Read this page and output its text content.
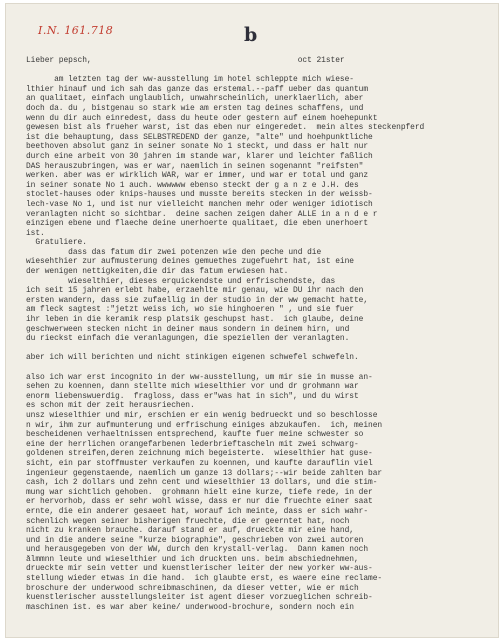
I.N. 161.718	b
Lieber pepsch,                                            oct 21ster

am letzten tag der ww-ausstellung im hotel schleppte mich wiese-
lthier hinauf und ich sah das ganze das erstemal.--paff ueber das quantum
an qualitaet, einfach unglaublich, unwahrscheinlich, unerklaerlich, aber
doch da. du , bistgenau so stark wie am ersten tag deines schaffens, und
wenn du dir auch einredest, dass du heute oder gestern auf einem hoehepunkt
gewesen bist als frueher warst, ist das eben nur eingeredet.  mein altes steckenpferd
ist die behauptung, dass SELBSTREDEND der ganze, "alte" und hoehpunktliche
beethoven absolut ganz in seiner sonate No 1 steckt, und dass er halt nur
durch eine arbeit von 30 jahren im stande war, klarer und leichter faßlich
DAS herauszubringen, was er war, naemlich in seinen sogenannt "reifsten"
werken. aber was er wirklich WAR, war er immer, und war er total und ganz
in seiner sonate No 1 auch. wwwwww ebenso steckt der g a n z e J.H. des
stoclet-hauses oder knips-hauses und musste bereits stecken in der weissb-
lech-vase No 1, und ist nur vielleicht manchen mehr oder weniger idiotisch
veranlagten nicht so sichtbar.  deine sachen zeigen daher ALLE in a n d e r
einzigen ebene und flaeche deine unerhoerte qualitaet, die eben unerhoert
ist.
Gratuliere.
dass das fatum dir zwei potenzen wie den peche und die
wiesehthier zur aufmusterung deines gemuethes zugefuehrt hat, ist eine
der wenigen nettigkeiten,die dir das fatum erwiesen hat.
wieselthier, dieses erquickendste und erfrischendste, das
ich seit 15 jahren erlebt habe, erzaehlte mir genau, wie DU ihr nach den
ersten wandern, dass sie zufaellig in der studio in der ww gemacht hatte,
am fleck sagtest :"jetzt weiss ich, wo sie hinghoeren " , und sie fuer
ihr leben in die keramik resp platsik geschupst hast.  ich glaube, deine
geschwerween stecken nicht in deiner maus sondern in deinem hirn, und
du rieckst einfach die veranlagungen, die speziellen der veranlagten.

aber ich will berichten und nicht stinkigen eigenen schwefel schwefeln.

also ich war erst incognito in der ww-ausstellung, um mir sie in musse an-
sehen zu koennen, dann stellte mich wieselthier vor und dr grohmann war
enorm liebenswuerdig.  fragloss, dass er"was hat in sich", und du wirst
es schon mit der zeit herausriechen.
unsz wieselthier und mir, erschien er ein wenig bedrueckt und so beschlosse
n wir, ihm zur aufmunterung und erfrischung einiges abzukaufen.  ich, meinen
bescheidenen verhaeltnissen entsprechend, kaufte fuer meine schwester so
eine der herrlichen orangefarbenen lederbrieftascheln mit zwei schwarg-
goldenen streifen,deren zeichnung mich begeisterte.  wieselthier hat guse-
sicht, ein par stoffmuster verkaufen zu koennen, und kaufte darauflin viel
ingenieur gegenstaende, naemlich um ganze 13 dollars;--wir beide zahlten bar
cash, ich 2 dollars und zehn cent und wieselthier 13 dollars, und die stim-
mung war sichtlich gehoben.  grohmann hielt eine kurze, tiefe rede, in der
er hervorhob, dass er sehr wohl wisse, dass er nur die fruechte einer saat
ernte, die ein anderer gesaeet hat, worauf ich meinte, dass er sich wahr-
schenlich wegen seiner bisherigen fruechte, die er geerntet hat, noch
nicht zu kranken brauche. darauf stand er auf, drueckte mir eine hand,
und in die andere seine "kurze biographie", geschrieben von zwei autoren
und herausgegeben von der WW, durch den krystall-verlag.  Dann kamen noch
ålmmnn leute und wieselthier und ich druckten uns. beim abschiednehmen,
drueckte mir sein vetter und kuenstlerischer leiter der new yorker ww-aus-
stellung wieder etwas in die hand.  ich glaubte erst, es waere eine reclame-
broschure der underwood schreibmaschinen, da dieser vetter, wie er mich
kuenstlerischer ausstellungsleiter ist agent dieser vorzueglichen schreib-
maschinen ist. es war aber keine/ underwood-brochure, sondern noch ein
